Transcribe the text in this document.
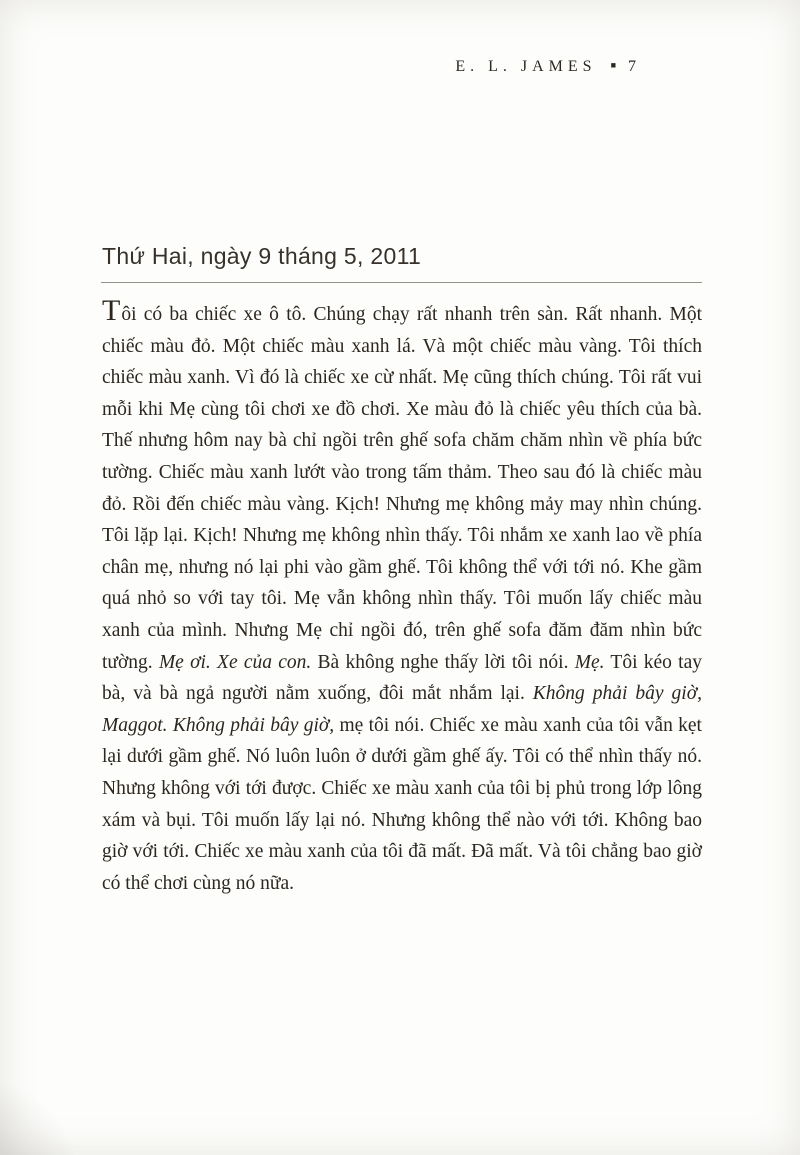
E. L. JAMES ■ 7
Thứ Hai, ngày 9 tháng 5, 2011

Tôi có ba chiếc xe ô tô. Chúng chạy rất nhanh trên sàn. Rất nhanh. Một chiếc màu đỏ. Một chiếc màu xanh lá. Và một chiếc màu vàng. Tôi thích chiếc màu xanh. Vì đó là chiếc xe cừ nhất. Mẹ cũng thích chúng. Tôi rất vui mỗi khi Mẹ cùng tôi chơi xe đồ chơi. Xe màu đỏ là chiếc yêu thích của bà. Thế nhưng hôm nay bà chỉ ngồi trên ghế sofa chăm chăm nhìn về phía bức tường. Chiếc màu xanh lướt vào trong tấm thảm. Theo sau đó là chiếc màu đỏ. Rồi đến chiếc màu vàng. Kịch! Nhưng mẹ không mảy may nhìn chúng. Tôi lặp lại. Kịch! Nhưng mẹ không nhìn thấy. Tôi nhắm xe xanh lao về phía chân mẹ, nhưng nó lại phi vào gầm ghế. Tôi không thể với tới nó. Khe gầm quá nhỏ so với tay tôi. Mẹ vẫn không nhìn thấy. Tôi muốn lấy chiếc màu xanh của mình. Nhưng Mẹ chỉ ngồi đó, trên ghế sofa đăm đăm nhìn bức tường. Mẹ ơi. Xe của con. Bà không nghe thấy lời tôi nói. Mẹ. Tôi kéo tay bà, và bà ngả người nằm xuống, đôi mắt nhắm lại. Không phải bây giờ, Maggot. Không phải bây giờ, mẹ tôi nói. Chiếc xe màu xanh của tôi vẫn kẹt lại dưới gầm ghế. Nó luôn luôn ở dưới gầm ghế ấy. Tôi có thể nhìn thấy nó. Nhưng không với tới được. Chiếc xe màu xanh của tôi bị phủ trong lớp lông xám và bụi. Tôi muốn lấy lại nó. Nhưng không thể nào với tới. Không bao giờ với tới. Chiếc xe màu xanh của tôi đã mất. Đã mất. Và tôi chẳng bao giờ có thể chơi cùng nó nữa.
